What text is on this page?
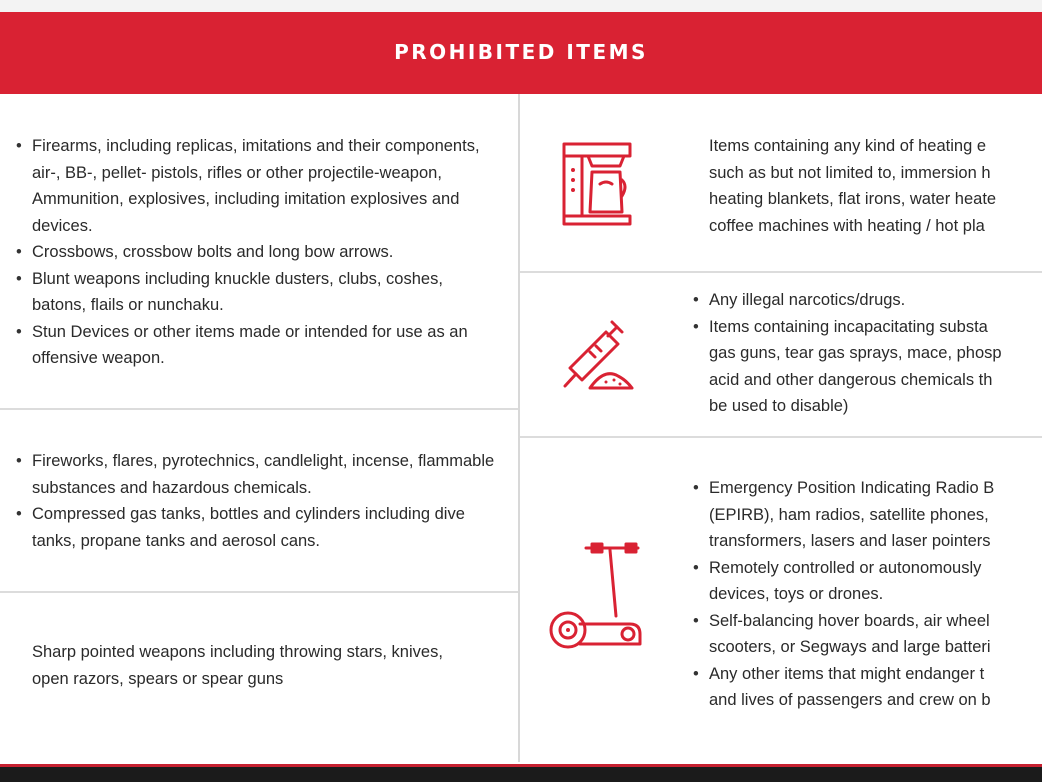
PROHIBITED ITEMS
• Firearms, including replicas, imitations and their components, air-, BB-, pellet- pistols, rifles or other projectile-weapon, Ammunition, explosives, including imitation explosives and devices.
• Crossbows, crossbow bolts and long bow arrows.
• Blunt weapons including knuckle dusters, clubs, coshes, batons, flails or nunchaku.
• Stun Devices or other items made or intended for use as an offensive weapon.
• Fireworks, flares, pyrotechnics, candlelight, incense, flammable substances and hazardous chemicals.
• Compressed gas tanks, bottles and cylinders including dive tanks, propane tanks and aerosol cans.

Sharp pointed weapons including throwing stars, knives, open razors, spears or spear guns

Items containing any kind of heating e
such as but not limited to, immersion h
heating blankets, flat irons, water heate
coffee machines with heating / hot pla

• Any illegal narcotics/drugs.
• Items containing incapacitating substa
gas guns, tear gas sprays, mace, phosp
acid and other dangerous chemicals th
be used to disable)
• Emergency Position Indicating Radio B
(EPIRB), ham radios, satellite phones,
transformers, lasers and laser pointers
• Remotely controlled or autonomously
devices, toys or drones.
• Self-balancing hover boards, air wheel
scooters, or Segways and large batteri
• Any other items that might endanger t
and lives of passengers and crew on b
